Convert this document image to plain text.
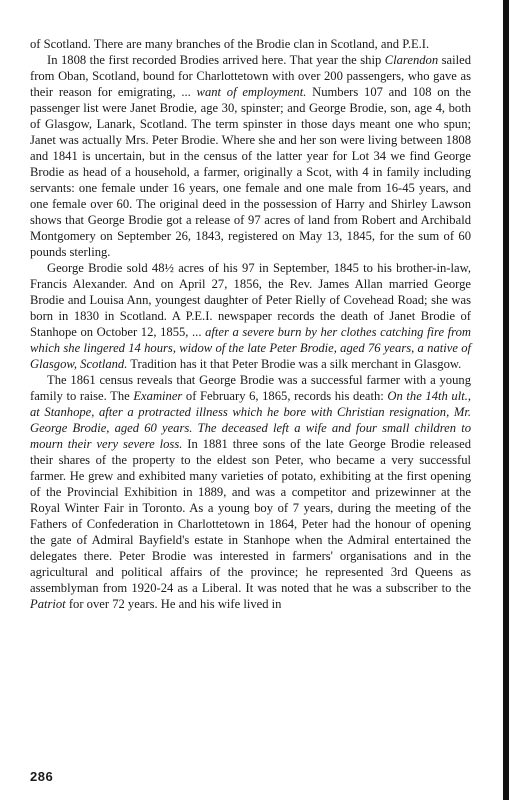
of Scotland. There are many branches of the Brodie clan in Scotland, and P.E.I.

In 1808 the first recorded Brodies arrived here. That year the ship Clarendon sailed from Oban, Scotland, bound for Charlottetown with over 200 passengers, who gave as their reason for emigrating, ... want of employment. Numbers 107 and 108 on the passenger list were Janet Brodie, age 30, spinster; and George Brodie, son, age 4, both of Glasgow, Lanark, Scotland. The term spinster in those days meant one who spun; Janet was actually Mrs. Peter Brodie. Where she and her son were living between 1808 and 1841 is uncertain, but in the census of the latter year for Lot 34 we find George Brodie as head of a household, a farmer, originally a Scot, with 4 in family including servants: one female under 16 years, one female and one male from 16-45 years, and one female over 60. The original deed in the possession of Harry and Shirley Lawson shows that George Brodie got a release of 97 acres of land from Robert and Archibald Montgomery on September 26, 1843, registered on May 13, 1845, for the sum of 60 pounds sterling.

George Brodie sold 48½ acres of his 97 in September, 1845 to his brother-in-law, Francis Alexander. And on April 27, 1856, the Rev. James Allan married George Brodie and Louisa Ann, youngest daughter of Peter Rielly of Covehead Road; she was born in 1830 in Scotland. A P.E.I. newspaper records the death of Janet Brodie of Stanhope on October 12, 1855, ... after a severe burn by her clothes catching fire from which she lingered 14 hours, widow of the late Peter Brodie, aged 76 years, a native of Glasgow, Scotland. Tradition has it that Peter Brodie was a silk merchant in Glasgow.

The 1861 census reveals that George Brodie was a successful farmer with a young family to raise. The Examiner of February 6, 1865, records his death: On the 14th ult., at Stanhope, after a protracted illness which he bore with Christian resignation, Mr. George Brodie, aged 60 years. The deceased left a wife and four small children to mourn their very severe loss. In 1881 three sons of the late George Brodie released their shares of the property to the eldest son Peter, who became a very successful farmer. He grew and exhibited many varieties of potato, exhibiting at the first opening of the Provincial Exhibition in 1889, and was a competitor and prizewinner at the Royal Winter Fair in Toronto. As a young boy of 7 years, during the meeting of the Fathers of Confederation in Charlottetown in 1864, Peter had the honour of opening the gate of Admiral Bayfield's estate in Stanhope when the Admiral entertained the delegates there. Peter Brodie was interested in farmers' organisations and in the agricultural and political affairs of the province; he represented 3rd Queens as assemblyman from 1920-24 as a Liberal. It was noted that he was a subscriber to the Patriot for over 72 years. He and his wife lived in

286
